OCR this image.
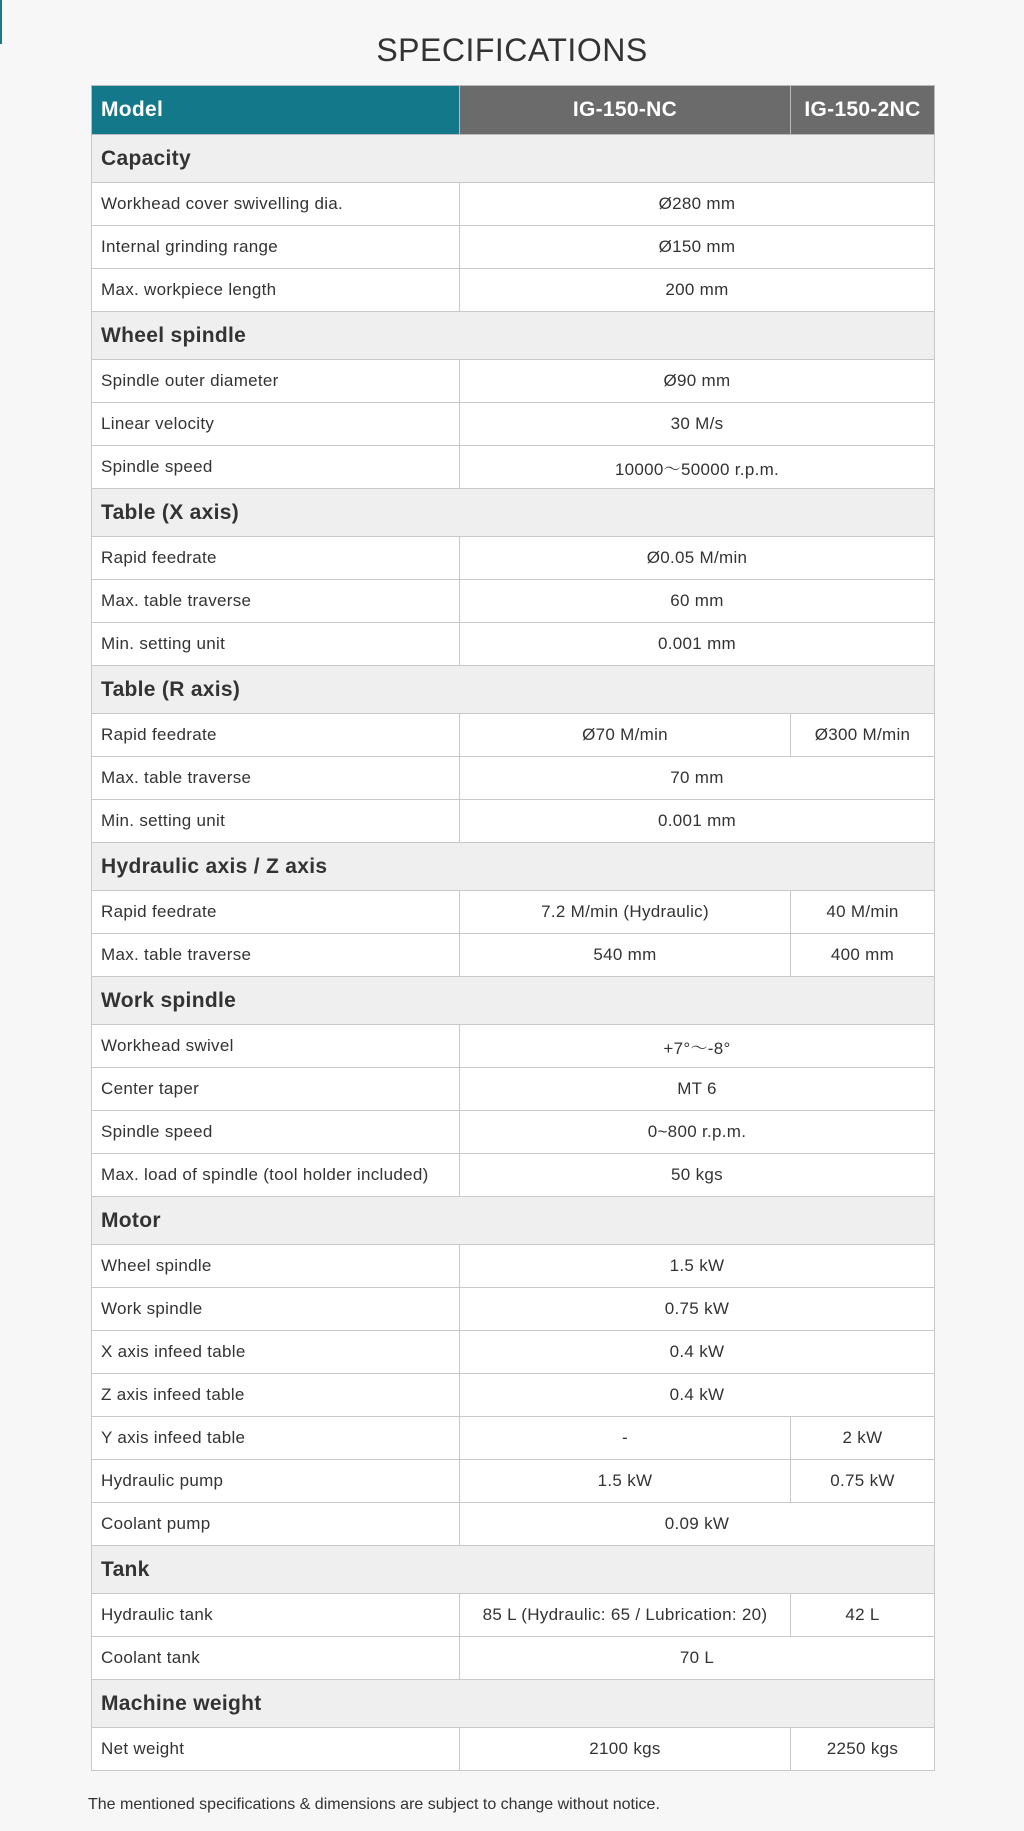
SPECIFICATIONS
Model	IG-150-NC	IG-150-2NC
Capacity		
Workhead cover swivelling dia.	Ø280 mm	
Internal grinding range	Ø150 mm	
Max. workpiece length	200 mm	
Wheel spindle		
Spindle outer diameter	Ø90 mm	
Linear velocity	30 M/s	
Spindle speed	10000～50000 r.p.m.	
Table (X axis)		
Rapid feedrate	Ø0.05 M/min	
Max. table traverse	60 mm	
Min. setting unit	0.001 mm	
Table (R axis)		
Rapid feedrate	Ø70 M/min	Ø300 M/min
Max. table traverse	70 mm	
Min. setting unit	0.001 mm	
Hydraulic axis / Z axis		
Rapid feedrate	7.2 M/min (Hydraulic)	40 M/min
Max. table traverse	540 mm	400 mm
Work spindle		
Workhead swivel	+7°～-8°	
Center taper	MT 6	
Spindle speed	0~800 r.p.m.	
Max. load of spindle (tool holder included)	50 kgs	
Motor		
Wheel spindle	1.5 kW	
Work spindle	0.75 kW	
X axis infeed table	0.4 kW	
Z axis infeed table	0.4 kW	
Y axis infeed table	-	2 kW
Hydraulic pump	1.5 kW	0.75 kW
Coolant pump	0.09 kW	
Tank		
Hydraulic tank	85 L (Hydraulic: 65 / Lubrication: 20)	42 L
Coolant tank	70 L	
Machine weight		
Net weight	2100 kgs	2250 kgs
The mentioned specifications & dimensions are subject to change without notice.
